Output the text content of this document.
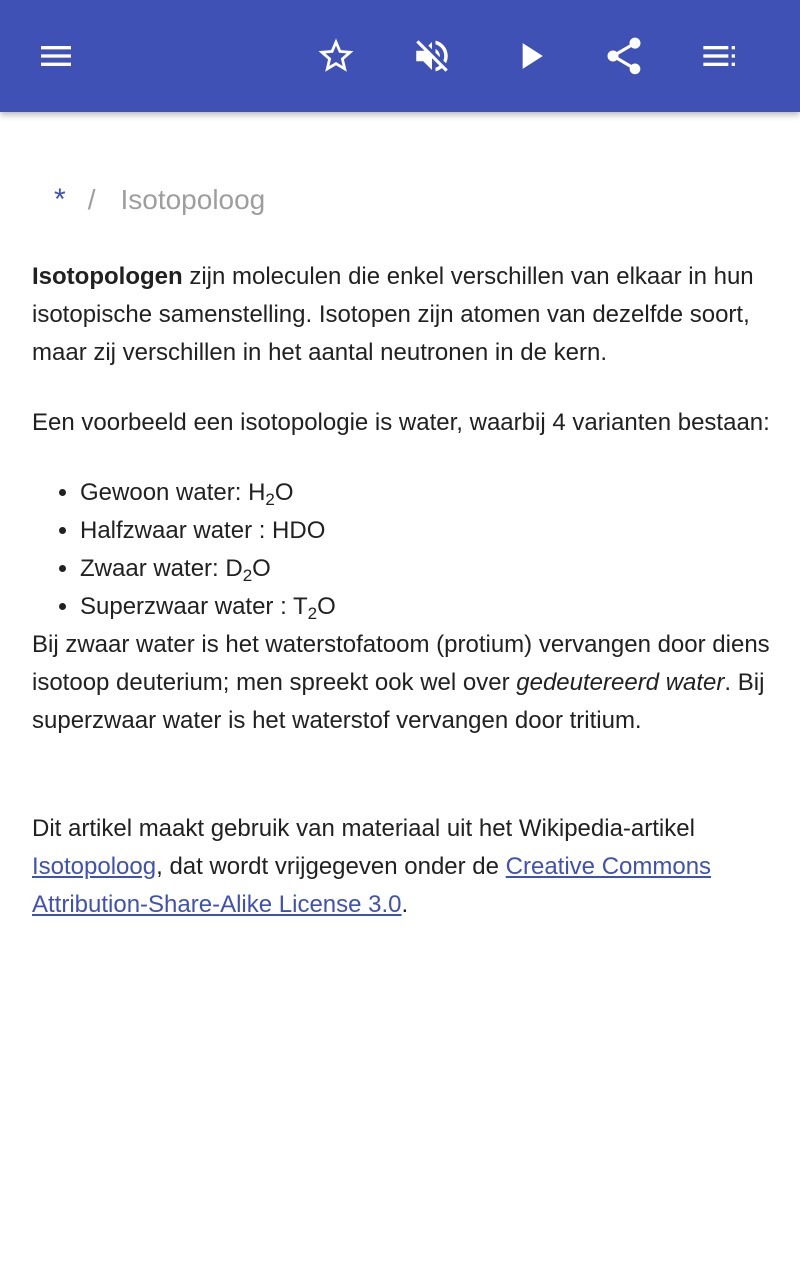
* / Isotopoloog

Isotopologen zijn moleculen die enkel verschillen van elkaar in hun isotopische samenstelling. Isotopen zijn atomen van dezelfde soort, maar zij verschillen in het aantal neutronen in de kern.

Een voorbeeld een isotopologie is water, waarbij 4 varianten bestaan:

• Gewoon water: $H_2O$
• Halfzwaar water : HDO
• Zwaar water: $D_2O$
• Superzwaar water : $T_2O$

Bij zwaar water is het waterstofatoom (protium) vervangen door diens isotoop deuterium; men spreekt ook wel over gedeutereerd water. Bij superzwaar water is het waterstof vervangen door tritium.

Dit artikel maakt gebruik van materiaal uit het Wikipedia-artikel Isotopoloog, dat wordt vrijgegeven onder de Creative Commons Attribution-Share-Alike License 3.0.
